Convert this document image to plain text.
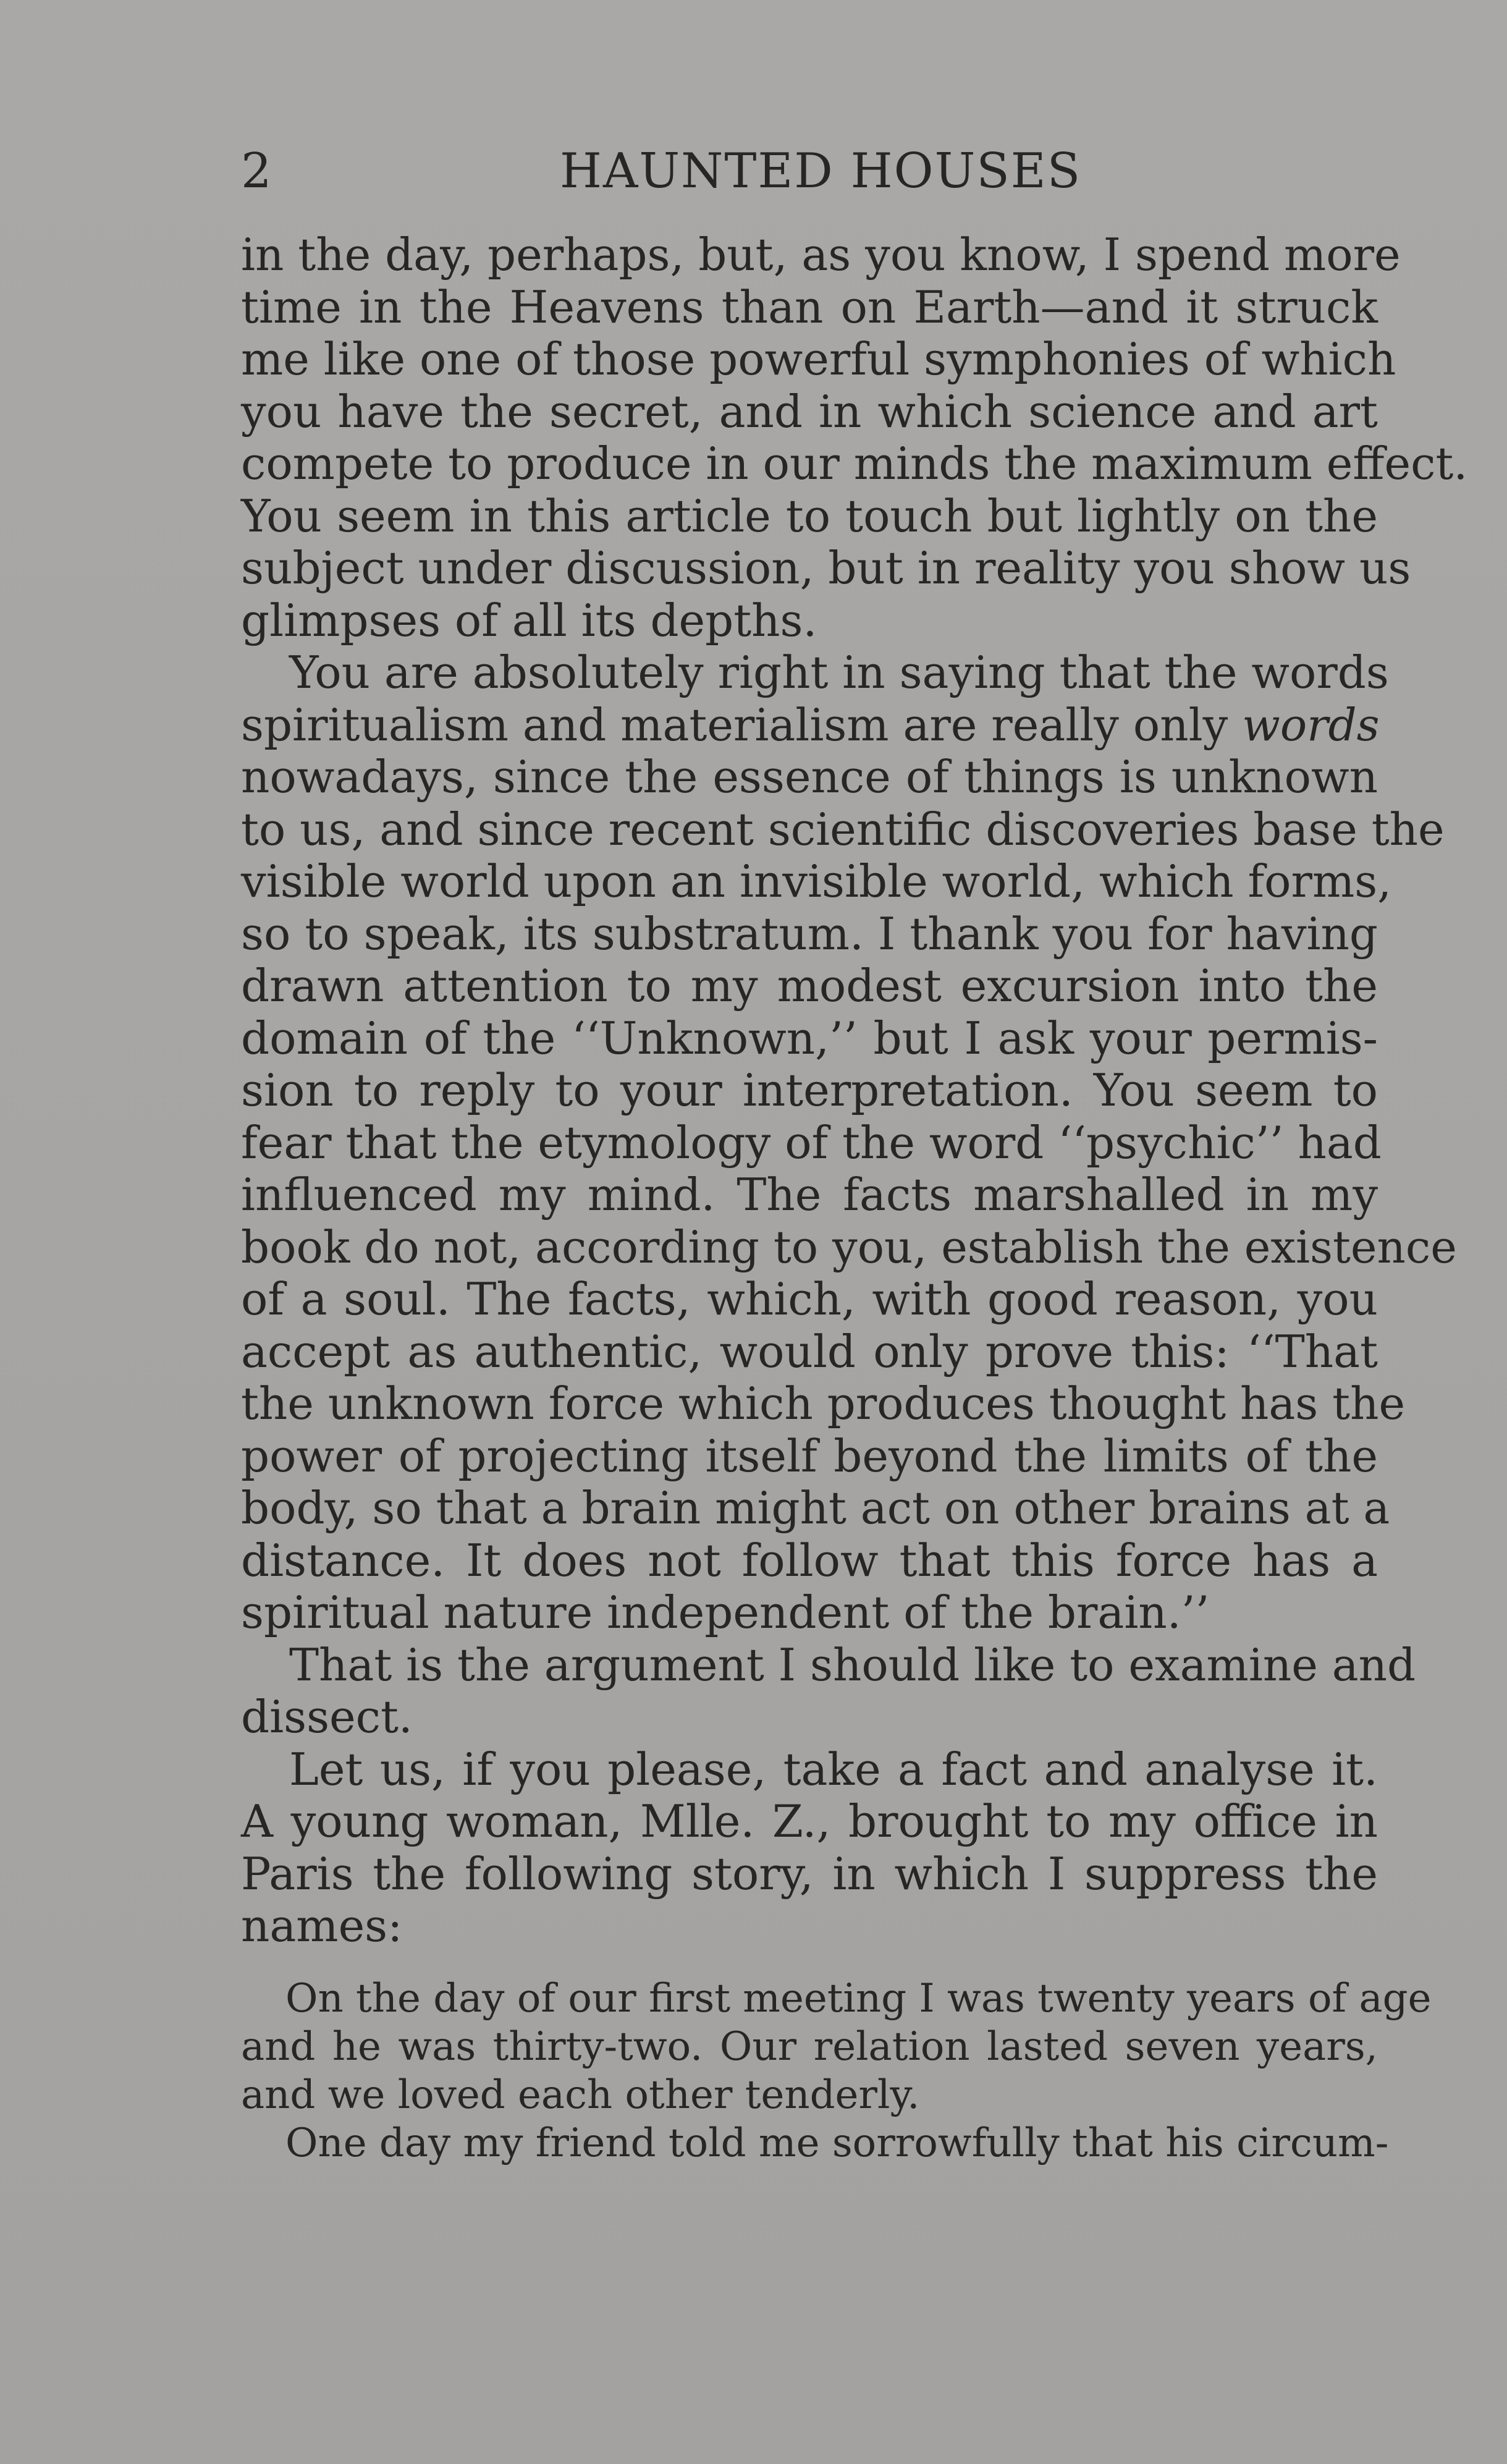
2	HAUNTED HOUSES
in the day, perhaps, but, as you know, I spend more
time in the Heavens than on Earth—and it struck
me like one of those powerful symphonies of which
you have the secret, and in which science and art
compete to produce in our minds the maximum effect.
You seem in this article to touch but lightly on the
subject under discussion, but in reality you show us
glimpses of all its depths.
You are absolutely right in saying that the words
spiritualism and materialism are really only words
nowadays, since the essence of things is unknown
to us, and since recent scientific discoveries base the
visible world upon an invisible world, which forms,
so to speak, its substratum. I thank you for having
drawn attention to my modest excursion into the
domain of the ‘‘Unknown,’’ but I ask your permis-
sion to reply to your interpretation. You seem to
fear that the etymology of the word ‘‘psychic’’ had
influenced my mind. The facts marshalled in my
book do not, according to you, establish the existence
of a soul. The facts, which, with good reason, you
accept as authentic, would only prove this: ‘‘That
the unknown force which produces thought has the
power of projecting itself beyond the limits of the
body, so that a brain might act on other brains at a
distance. It does not follow that this force has a
spiritual nature independent of the brain.’’
That is the argument I should like to examine and
dissect.
Let us, if you please, take a fact and analyse it.
A young woman, Mlle. Z., brought to my office in
Paris the following story, in which I suppress the
names:
On the day of our first meeting I was twenty years of age
and he was thirty-two. Our relation lasted seven years,
and we loved each other tenderly.
One day my friend told me sorrowfully that his circum-
